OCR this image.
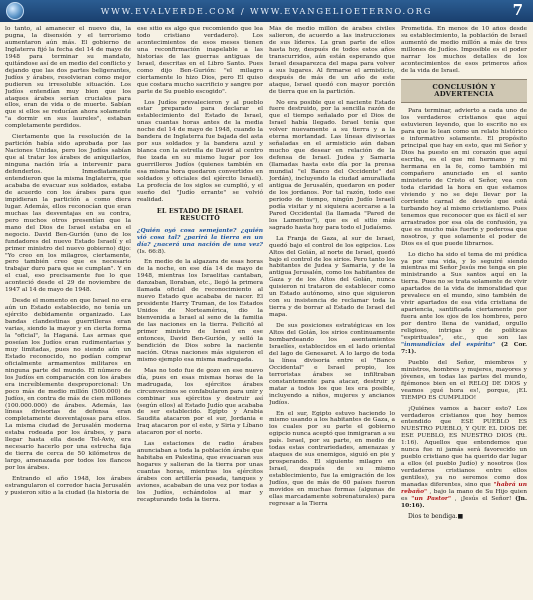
WWW.EVALVERDE.COM / WWW.EVANGELIOETERNO.ORG	7

lo tanto, al amanecer el nuevo día, la pugna, la disensión y el terrorismo aumentaron aún más. El gobierno de Inglaterra fijó la fecha del 14 de mayo de 1948 para terminar su mandato, quitándose así de en medio del conflicto y dejando que las dos partes beligerantes, Judíos y árabes, resolvieran como mejor pudieren su irresoluble situación. Los Judíos entendían muy bien que los ataques árabes serían cruciales para ellos, eran de vida o de muerte. Sabían que si ellos se reducían ahora solamente "a dormir en sus laureles", estaban completamente perdidos.

Ciertamente que la resolución de la partición había sido aprobada por las Naciones Unidas, pero los Judíos sabían que al tratar los árabes de aniquilarlos, ninguna nación iría a intervenir para defenderlos. Inmediatamente entendieron que la misma Inglaterra, que acababa de evacuar sus soldados, estaba de acuerdo con los árabes para que impidieran la partición a como diera lugar. Además, ellos reconocían que eran muchas las desventajas en su contra, pero muchos otros presentían que la mano del Dios de Israel estaba en el negocio. David Ben-Gurión (uno de los fundadores del nuevo Estado Israelí y el primer ministro del nuevo gobierno) dijo: "Yo creo en los milagros, ciertamente, pero también creo que es necesario trabajar duro para que se cumplan". Y en el cual, eso precisamente fue lo que aconteció desde el 29 de noviembre de 1947 al 14 de mayo de 1948.

Desde el momento en que Israel no era aún un Estado establecido, no tenía un ejército debidamente organizado. Las bandas clandestinas guerrilleras eran varias, siendo la mayor y en cierta forma la "oficial", la Haganá. Las armas que poseían los Judíos eran rudimentarias y muy limitadas, pues no siendo aún un Estado reconocido, no podían comprar oficialmente armamentos militares en ninguna parte del mundo. El número de los Judíos en comparación con los árabes era increíblemente desproporcional: Un poco más de medio millón (500.000) de Judíos, en contra de más de cien millones (100.000.000) de árabes. Además, las líneas divisorias de defensa eran completamente desventajosas para ellos. La misma ciudad de Jerusalén moderna estaba rodeada por los árabes, y para llegar hasta ella desde Tel-Aviv, era necesario hacerlo por una estrecha faja de tierra de cerca de 50 kilómetros de largo, amenazada por todos los flancos por los árabes.

Entrando el año 1948, los árabes estrangularon el corredor hacia Jerusalén y pusieron sitio a la ciudad (la historia de

ese sitio es algo que recomiendo que lea todo cristiano verdadero). Los acontecimientos de esos meses tienen una reconfirmación inapelable a las historias de las guerras antiguas de Israel, descritas en el Libro Santo. Pues como dijo Ben-Gurión: "el milagro ciertamente lo hizo Dios, pero El quiso que costara mucho sacrificio y sangre por parte de Su pueblo escogido".

Los Judíos prevalecieron y al pueblo estar preparado para declarar el establecimiento del Estado de Israel, unas cuantas horas antes de la media noche del 14 de mayo de 1948, cuando la bandera de Inglaterra fue bajada del asta por sus soldados y la bandera azul y blanca con la estrella de David al centro fue izada en su mismo lugar por los guerrilleros Judíos (quienes también en esa misma hora quedaron convertidos en soldados y oficiales del ejército Israelí). La profecía de los siglos se cumplió, y el sueño del "Judío errante" se volvió realidad.

EL ESTADO DE ISRAEL RESUCITÓ

¿Quién oyó cosa semejante? ¿quién vió cosa tal? ¿parirá la tierra en un día? ¿nacerá una nación de una vez? (Is. 66:8).

En medio de la algazara de esas horas de la noche, en ese día 14 de mayo de 1948, mientras los Israelitas cantaban, danzaban, lloraban, etc., llegó la primera llamada oficial de reconocimiento al nuevo Estado que acababa de nacer. El presidente Harry Truman, de los Estados Unidos de Norteamérica, dio la bienvenida a Israel al seno de la familia de las naciones en la tierra. Felicitó al primer ministro de Israel en ese entonces, David Ben-Gurión, y selló la bendición de Dios sobre la naciente nación. Otras naciones más siguieron el mismo ejemplo esa misma madrugada.

Mas no todo fue de gozo en ese nuevo día, pues en esas mismas horas de la madrugada, los ejércitos árabes circunvecinos se confabularon para unir y combinar sus ejércitos y destruir así (según ellos) al Estado Judío que acababa de ser establecido. Egipto y Arabia Saudita atacaron por el sur, Jordania e Iraq atacaron por el este, y Siria y Líbano atacaron por el norte.

Las estaciones de radio árabes anunciaban a toda la población árabe que habitaba en Palestina, que evacuaran sus hogares y salieran de la tierra por unas cuantas horas, mientras los ejércitos árabes con artillería pesada, tanques y aviones, acababan de una vez por todas a los Judíos, echándolos al mar y recapturando toda la tierra.

Más de medio millón de árabes civiles salieron, de acuerdo a las instrucciones de sus líderes. La gran parte de ellos hasta hoy, después de todos estos años transcurridos, aún están esperando que Israel desaparezca del mapa para volver a sus lugares. Al firmarse el armisticio, después de más de un año de este ataque, Israel quedó con mayor porción de tierra que en la partición.

No era posible que el naciente Estado fuere destruido, por la sencilla razón de que el tiempo señalado por el Dios de Israel había llegado. Israel tenía que volver nuevamente a su tierra y a la eterna mortandad. Las líneas divisorias señaladas en el armisticio aún daban mucho que desear en relación de la defensa de Israel. Judea y Samaria (llamadas hasta este día por la prensa mundial "el Banco del Occidente" del Jordán), incluyendo la ciudad amurallada antigua de Jerusalén, quedaron en poder de los jordanos. Por tal razón, todo ese periodo de tiempo, ningún Judío Israelí podía visitar y ni siquiera acercarse a la Pared Occidental (la llamada "Pared de los Lamentos"), que es el sitio más sagrado hasta hoy para todo el Judaísmo.

La Franja de Gaza, al sur de Israel, quedó bajo el control de los egipcios. Los Altos del Golán, al norte de Israel, quedó bajo el control de los sirios. Pero tanto los habitantes de Judea y Samaria, y de la antigua Jerusalén, como los habitantes de Gaza y de los Altos del Golán, nunca quisieron ni trataron de establecer como un Estado autónomo, sino que siguieron con su insistencia de reclamar toda la tierra y de borrar al Estado de Israel del mapa.

De sus posiciones estratégicas en los Altos del Golán, los sirios continuamente bombardeando los asentamientos Israelíes, establecidos en el lado oriental del lago de Genesaret. A lo largo de toda la línea divisoria entre el "Banco Occidental" e Israel propio, los terroristas árabes se infiltraban constantemente para atacar, destruir y matar a todos los que les era posible, incluyendo a niños, mujeres y ancianos Judíos.

En el sur, Egipto estuvo haciendo lo mismo usando a los habitantes de Gaza, a los cuales por su parte el gobierno egipcio nunca aceptó que inmigraran a su país. Israel, por su parte, en medio de todas estas contrariedades, amenazas y ataques de sus enemigos, siguió en pie y prosperando. El siguiente milagro en Israel, después de su mismo establecimiento, fue la emigración de los Judíos, que de más de 60 países fueron movidos en muchas formas (algunas de ellas marcadamente sobrenaturales) para regresar a la Tierra

Prometida. En menos de 10 años desde su establecimiento, la población de Israel aumentó de medio millón a más de tres millones de Judíos. Imposible es el poder narrar los muchos detalles de los acontecimientos de esos primeros años de la vida de Israel.

CONCLUSIÓN Y ADVERTENCIA

Para terminar, advierto a cada uno de los verdaderos cristianos que aquí estuvieren leyendo, que lo escrito no es para que lo lean como un relato histórico e informativo solamente. El propósito principal que hay en esto, que mi Señor y Dios ha puesto en mi corazón que aquí escriba, es el que mi hermano y mi hermana en la fe, como también mi compañero anunciado en el santo ministerio de Cristo el Señor, vea con toda claridad la hora en que estamos viviendo y no se deje llevar por la corriente carnal de desvío que está turbando hoy al mismo cristianismo. Pues tenemos que reconocer que es fácil el ser arrastrados por esa ola de confusión, ya que es mucho más fuerte y poderosa que nosotros, y que solamente el poder de Dios es el que puede librarnos.

Lo dicho ha sido el tema de mi prédica ya por una vida, y lo seguiré siendo mientras mi Señor Jesús me tenga en pie ministrando a Sus santos aquí en la tierra. Pues no se trata solamente de vivir apartados de la vida de inmoralidad que prevalece en el mundo, sino también de vivir apartados de esa vida cristiana de apariencia, santificada ciertamente por fuera ante los ojos de los hombres, pero por dentro llena de vanidad, orgullo religioso, intrigas y de políticas "espirituales", etc., que son las "inmundicias del espíritu" (2 Cor. 7:1).

Pueblo del Señor, miembros y ministros, hombres y mujeres, mayores y jóvenes, en todas las partes del mundo, fijémonos bien en el RELOJ DE DIOS y veamos ¡qué hora es!, porque, ¡EL TIEMPO ES CUMPLIDO!

¡Quiénes vamos a hacer esto? Los verdaderos cristianos que hoy hemos entendido que ESE PUEBLO ES NUESTRO PUEBLO, Y QUE EL DIOS DE ESE PUEBLO, ES NUESTRO DIOS (Rt. 1:16). Aquellos que entendemos que nunca fue ni jamás será favorecido un pueblo cristiano que ha querido dar lugar a ellos (el pueblo Judío) y nosotros (los verdaderos cristianos entre ellos gentiles), ya no seremos como dos manadas diferentes, sino que "habrá un rebaño" , bajo la mano de Su Hijo quien es "un Pastor" , ¡Jesús el Señor! (Jn. 10:16).

Dios te bendiga.■
